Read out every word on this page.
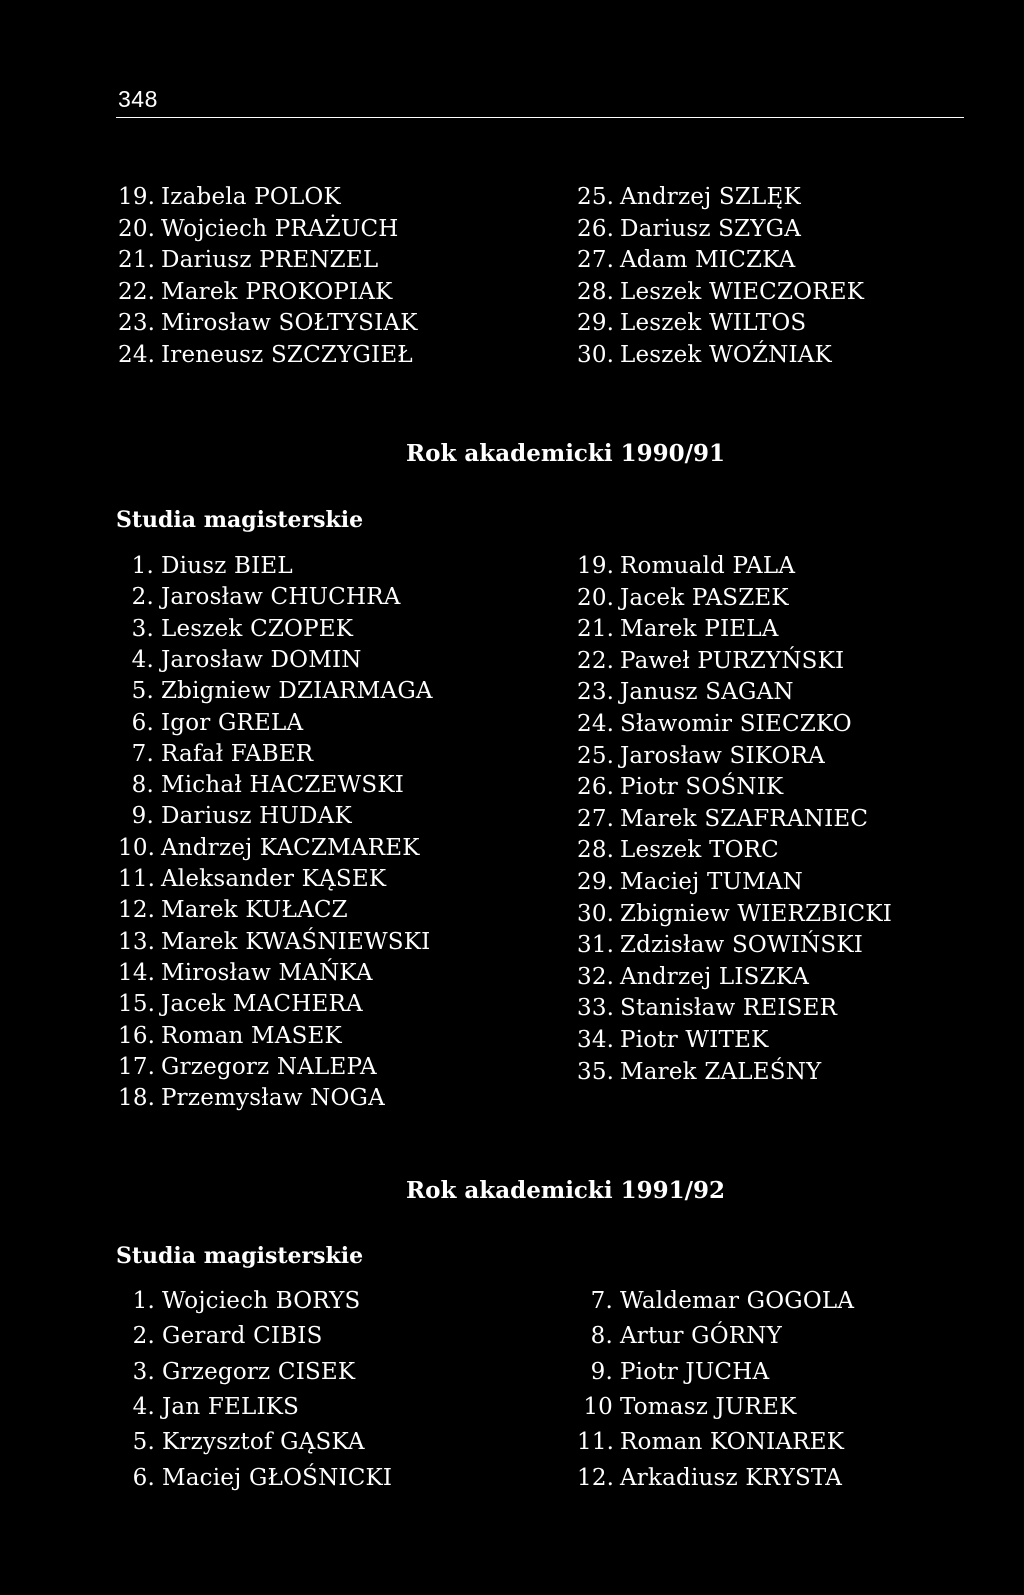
348
19. Izabela POLOK
20. Wojciech PRAŻUCH
21. Dariusz PRENZEL
22. Marek PROKOPIAK
23. Mirosław SOŁTYSIAK
24. Ireneusz SZCZYGIEŁ
25. Andrzej SZLĘK
26. Dariusz SZYGA
27. Adam MICZKA
28. Leszek WIECZOREK
29. Leszek WILTOS
30. Leszek WOŹNIAK
Rok akademicki 1990/91
Studia magisterskie
1. Diusz BIEL
2. Jarosław CHUCHRA
3. Leszek CZOPEK
4. Jarosław DOMIN
5. Zbigniew DZIARMAGA
6. Igor GRELA
7. Rafał FABER
8. Michał HACZEWSKI
9. Dariusz HUDAK
10. Andrzej KACZMAREK
11. Aleksander KĄSEK
12. Marek KUŁACZ
13. Marek KWAŚNIEWSKI
14. Mirosław MAŃKA
15. Jacek MACHERA
16. Roman MASEK
17. Grzegorz NALEPA
18. Przemysław NOGA
19. Romuald PALA
20. Jacek PASZEK
21. Marek PIELA
22. Paweł PURZYŃSKI
23. Janusz SAGAN
24. Sławomir SIECZKO
25. Jarosław SIKORA
26. Piotr SOŚNIK
27. Marek SZAFRANIEC
28. Leszek TORC
29. Maciej TUMAN
30. Zbigniew WIERZBICKI
31. Zdzisław SOWIŃSKI
32. Andrzej LISZKA
33. Stanisław REISER
34. Piotr WITEK
35. Marek ZALEŚNY
Rok akademicki 1991/92
Studia magisterskie
1. Wojciech BORYS
2. Gerard CIBIS
3. Grzegorz CISEK
4. Jan FELIKS
5. Krzysztof GĄSKA
6. Maciej GŁOŚNICKI
7. Waldemar GOGOLA
8. Artur GÓRNY
9. Piotr JUCHA
10 Tomasz JUREK
11. Roman KONIAREK
12. Arkadiusz KRYSTA
